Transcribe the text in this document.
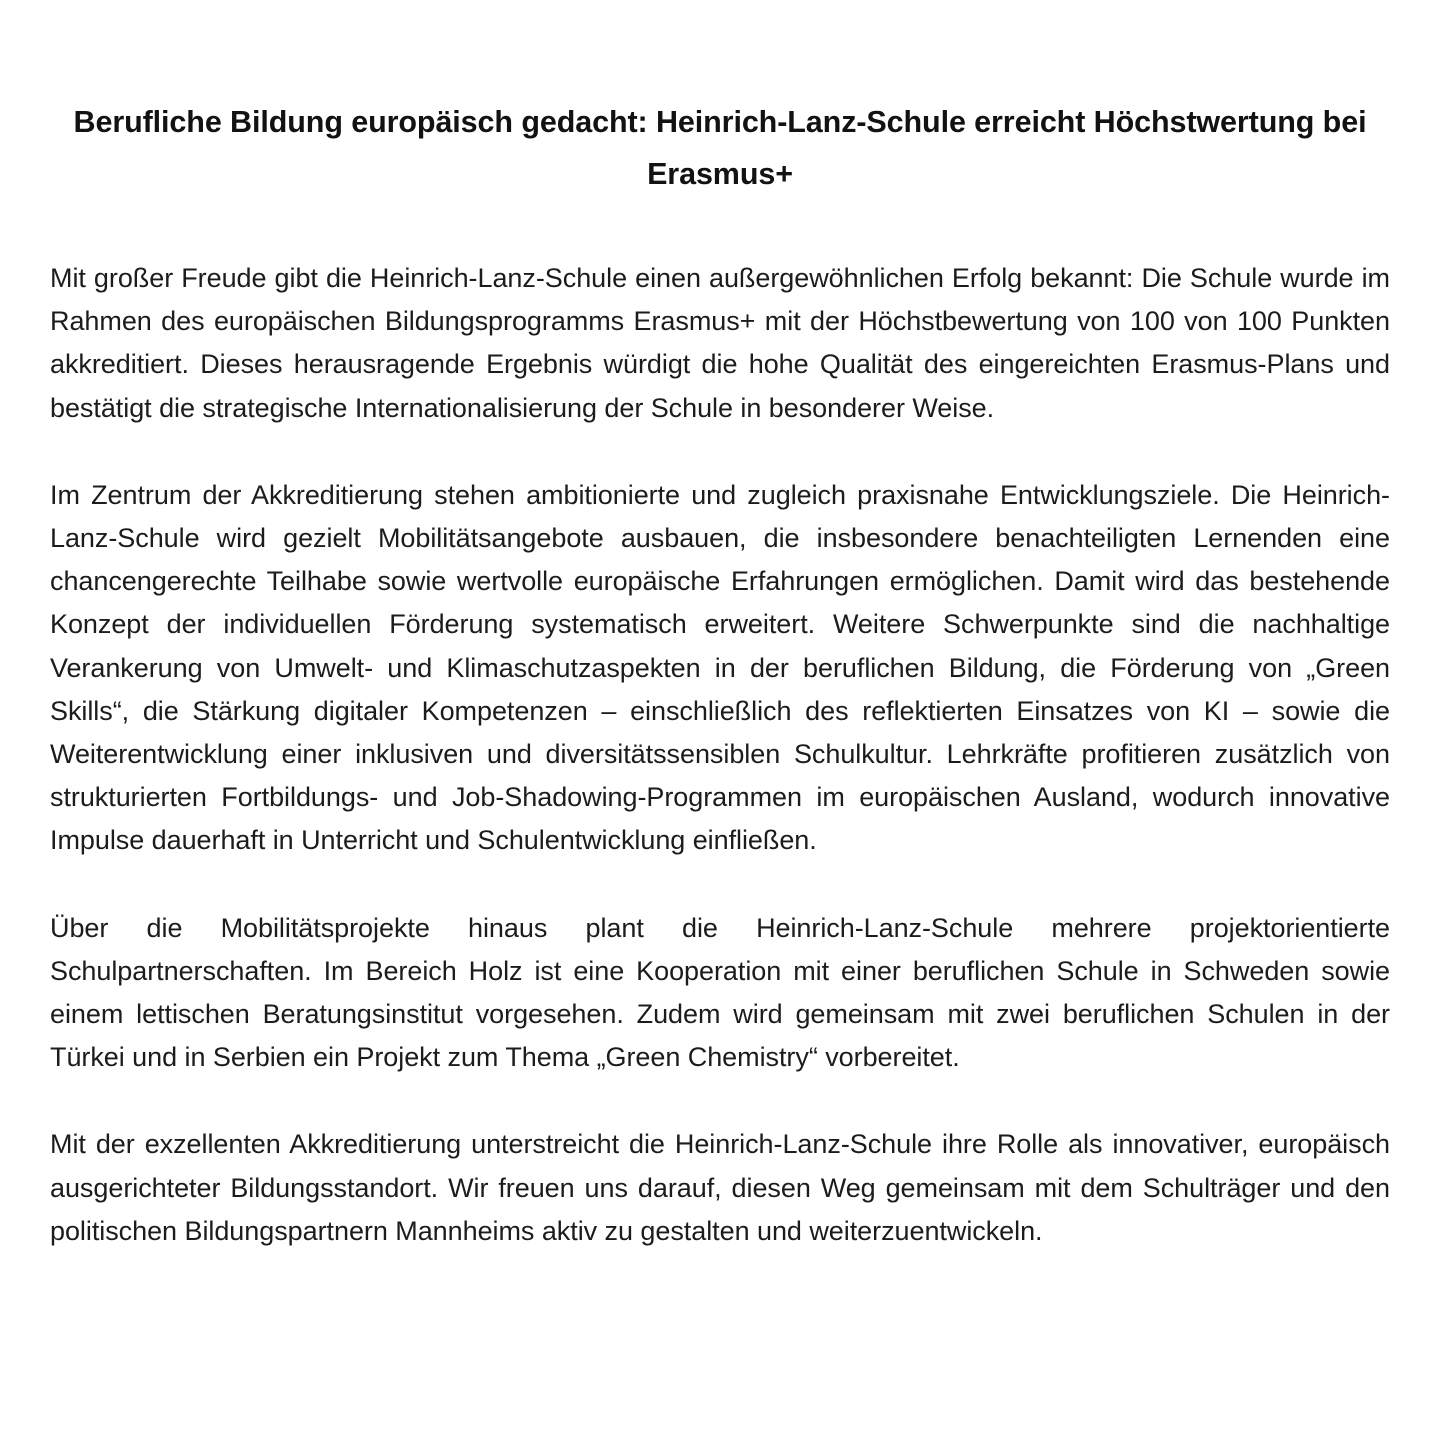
Berufliche Bildung europäisch gedacht: Heinrich-Lanz-Schule erreicht Höchstwertung bei Erasmus+

Mit großer Freude gibt die Heinrich-Lanz-Schule einen außergewöhnlichen Erfolg bekannt: Die Schule wurde im Rahmen des europäischen Bildungsprogramms Erasmus+ mit der Höchstbewertung von 100 von 100 Punkten akkreditiert. Dieses herausragende Ergebnis würdigt die hohe Qualität des eingereichten Erasmus-Plans und bestätigt die strategische Internationalisierung der Schule in besonderer Weise.

Im Zentrum der Akkreditierung stehen ambitionierte und zugleich praxisnahe Entwicklungsziele. Die Heinrich-Lanz-Schule wird gezielt Mobilitätsangebote ausbauen, die insbesondere benachteiligten Lernenden eine chancengerechte Teilhabe sowie wertvolle europäische Erfahrungen ermöglichen. Damit wird das bestehende Konzept der individuellen Förderung systematisch erweitert. Weitere Schwerpunkte sind die nachhaltige Verankerung von Umwelt- und Klimaschutzaspekten in der beruflichen Bildung, die Förderung von „Green Skills“, die Stärkung digitaler Kompetenzen – einschließlich des reflektierten Einsatzes von KI – sowie die Weiterentwicklung einer inklusiven und diversitätssensiblen Schulkultur. Lehrkräfte profitieren zusätzlich von strukturierten Fortbildungs- und Job-Shadowing-Programmen im europäischen Ausland, wodurch innovative Impulse dauerhaft in Unterricht und Schulentwicklung einfließen.

Über die Mobilitätsprojekte hinaus plant die Heinrich-Lanz-Schule mehrere projektorientierte Schulpartnerschaften. Im Bereich Holz ist eine Kooperation mit einer beruflichen Schule in Schweden sowie einem lettischen Beratungsinstitut vorgesehen. Zudem wird gemeinsam mit zwei beruflichen Schulen in der Türkei und in Serbien ein Projekt zum Thema „Green Chemistry“ vorbereitet.

Mit der exzellenten Akkreditierung unterstreicht die Heinrich-Lanz-Schule ihre Rolle als innovativer, europäisch ausgerichteter Bildungsstandort. Wir freuen uns darauf, diesen Weg gemeinsam mit dem Schulträger und den politischen Bildungspartnern Mannheims aktiv zu gestalten und weiterzuentwickeln.
